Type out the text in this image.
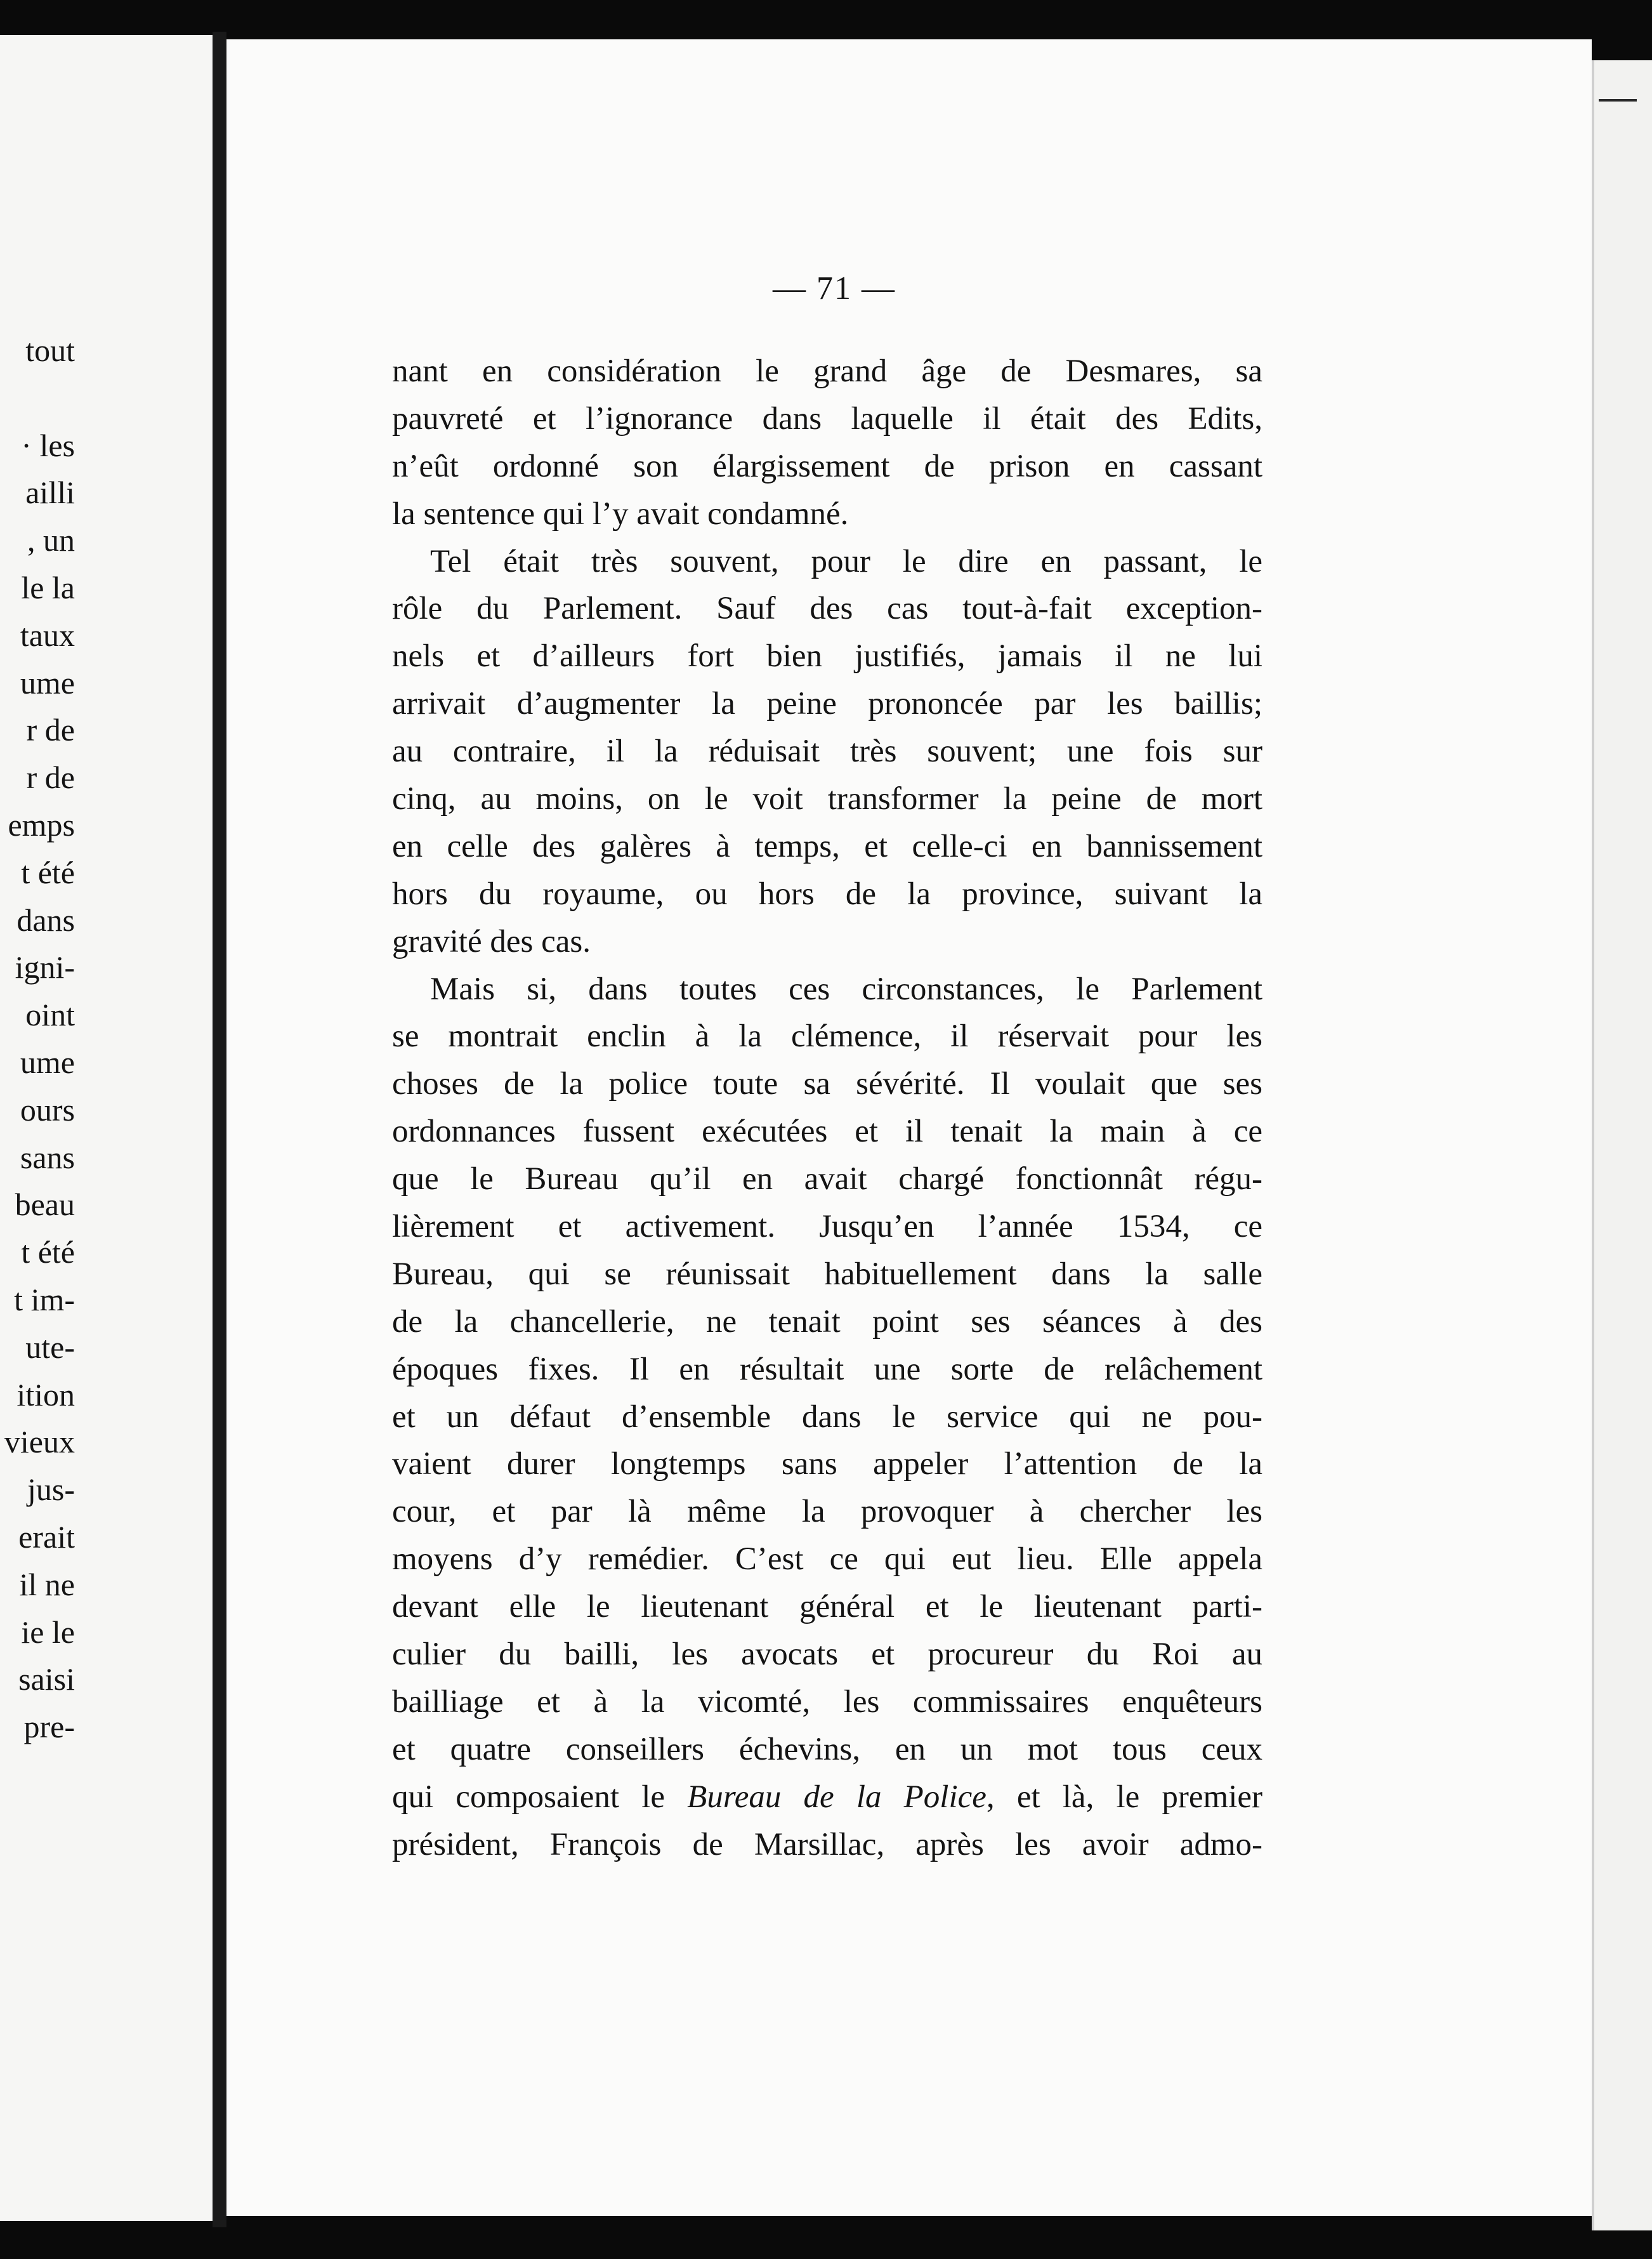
tout
· les
ailli
, un
le la
taux
ume
r de
r de
emps
t été
dans
igni-
oint
ume
ours
sans
beau
t été
t im-
ute-
ition
vieux
jus-
erait
il ne
ie le
saisi
pre-
— 71 —
nant en considération le grand âge de Desmares, sa
pauvreté et l’ignorance dans laquelle il était des Edits,
n’eût ordonné son élargissement de prison en cassant
la sentence qui l’y avait condamné.
Tel était très souvent, pour le dire en passant, le
rôle du Parlement. Sauf des cas tout-à-fait exception-
nels et d’ailleurs fort bien justifiés, jamais il ne lui
arrivait d’augmenter la peine prononcée par les baillis;
au contraire, il la réduisait très souvent; une fois sur
cinq, au moins, on le voit transformer la peine de mort
en celle des galères à temps, et celle-ci en bannissement
hors du royaume, ou hors de la province, suivant la
gravité des cas.
Mais si, dans toutes ces circonstances, le Parlement
se montrait enclin à la clémence, il réservait pour les
choses de la police toute sa sévérité. Il voulait que ses
ordonnances fussent exécutées et il tenait la main à ce
que le Bureau qu’il en avait chargé fonctionnât régu-
lièrement et activement. Jusqu’en l’année 1534, ce
Bureau, qui se réunissait habituellement dans la salle
de la chancellerie, ne tenait point ses séances à des
époques fixes. Il en résultait une sorte de relâchement
et un défaut d’ensemble dans le service qui ne pou-
vaient durer longtemps sans appeler l’attention de la
cour, et par là même la provoquer à chercher les
moyens d’y remédier. C’est ce qui eut lieu. Elle appela
devant elle le lieutenant général et le lieutenant parti-
culier du bailli, les avocats et procureur du Roi au
bailliage et à la vicomté, les commissaires enquêteurs
et quatre conseillers échevins, en un mot tous ceux
qui composaient le Bureau de la Police, et là, le premier
président, François de Marsillac, après les avoir admo-
